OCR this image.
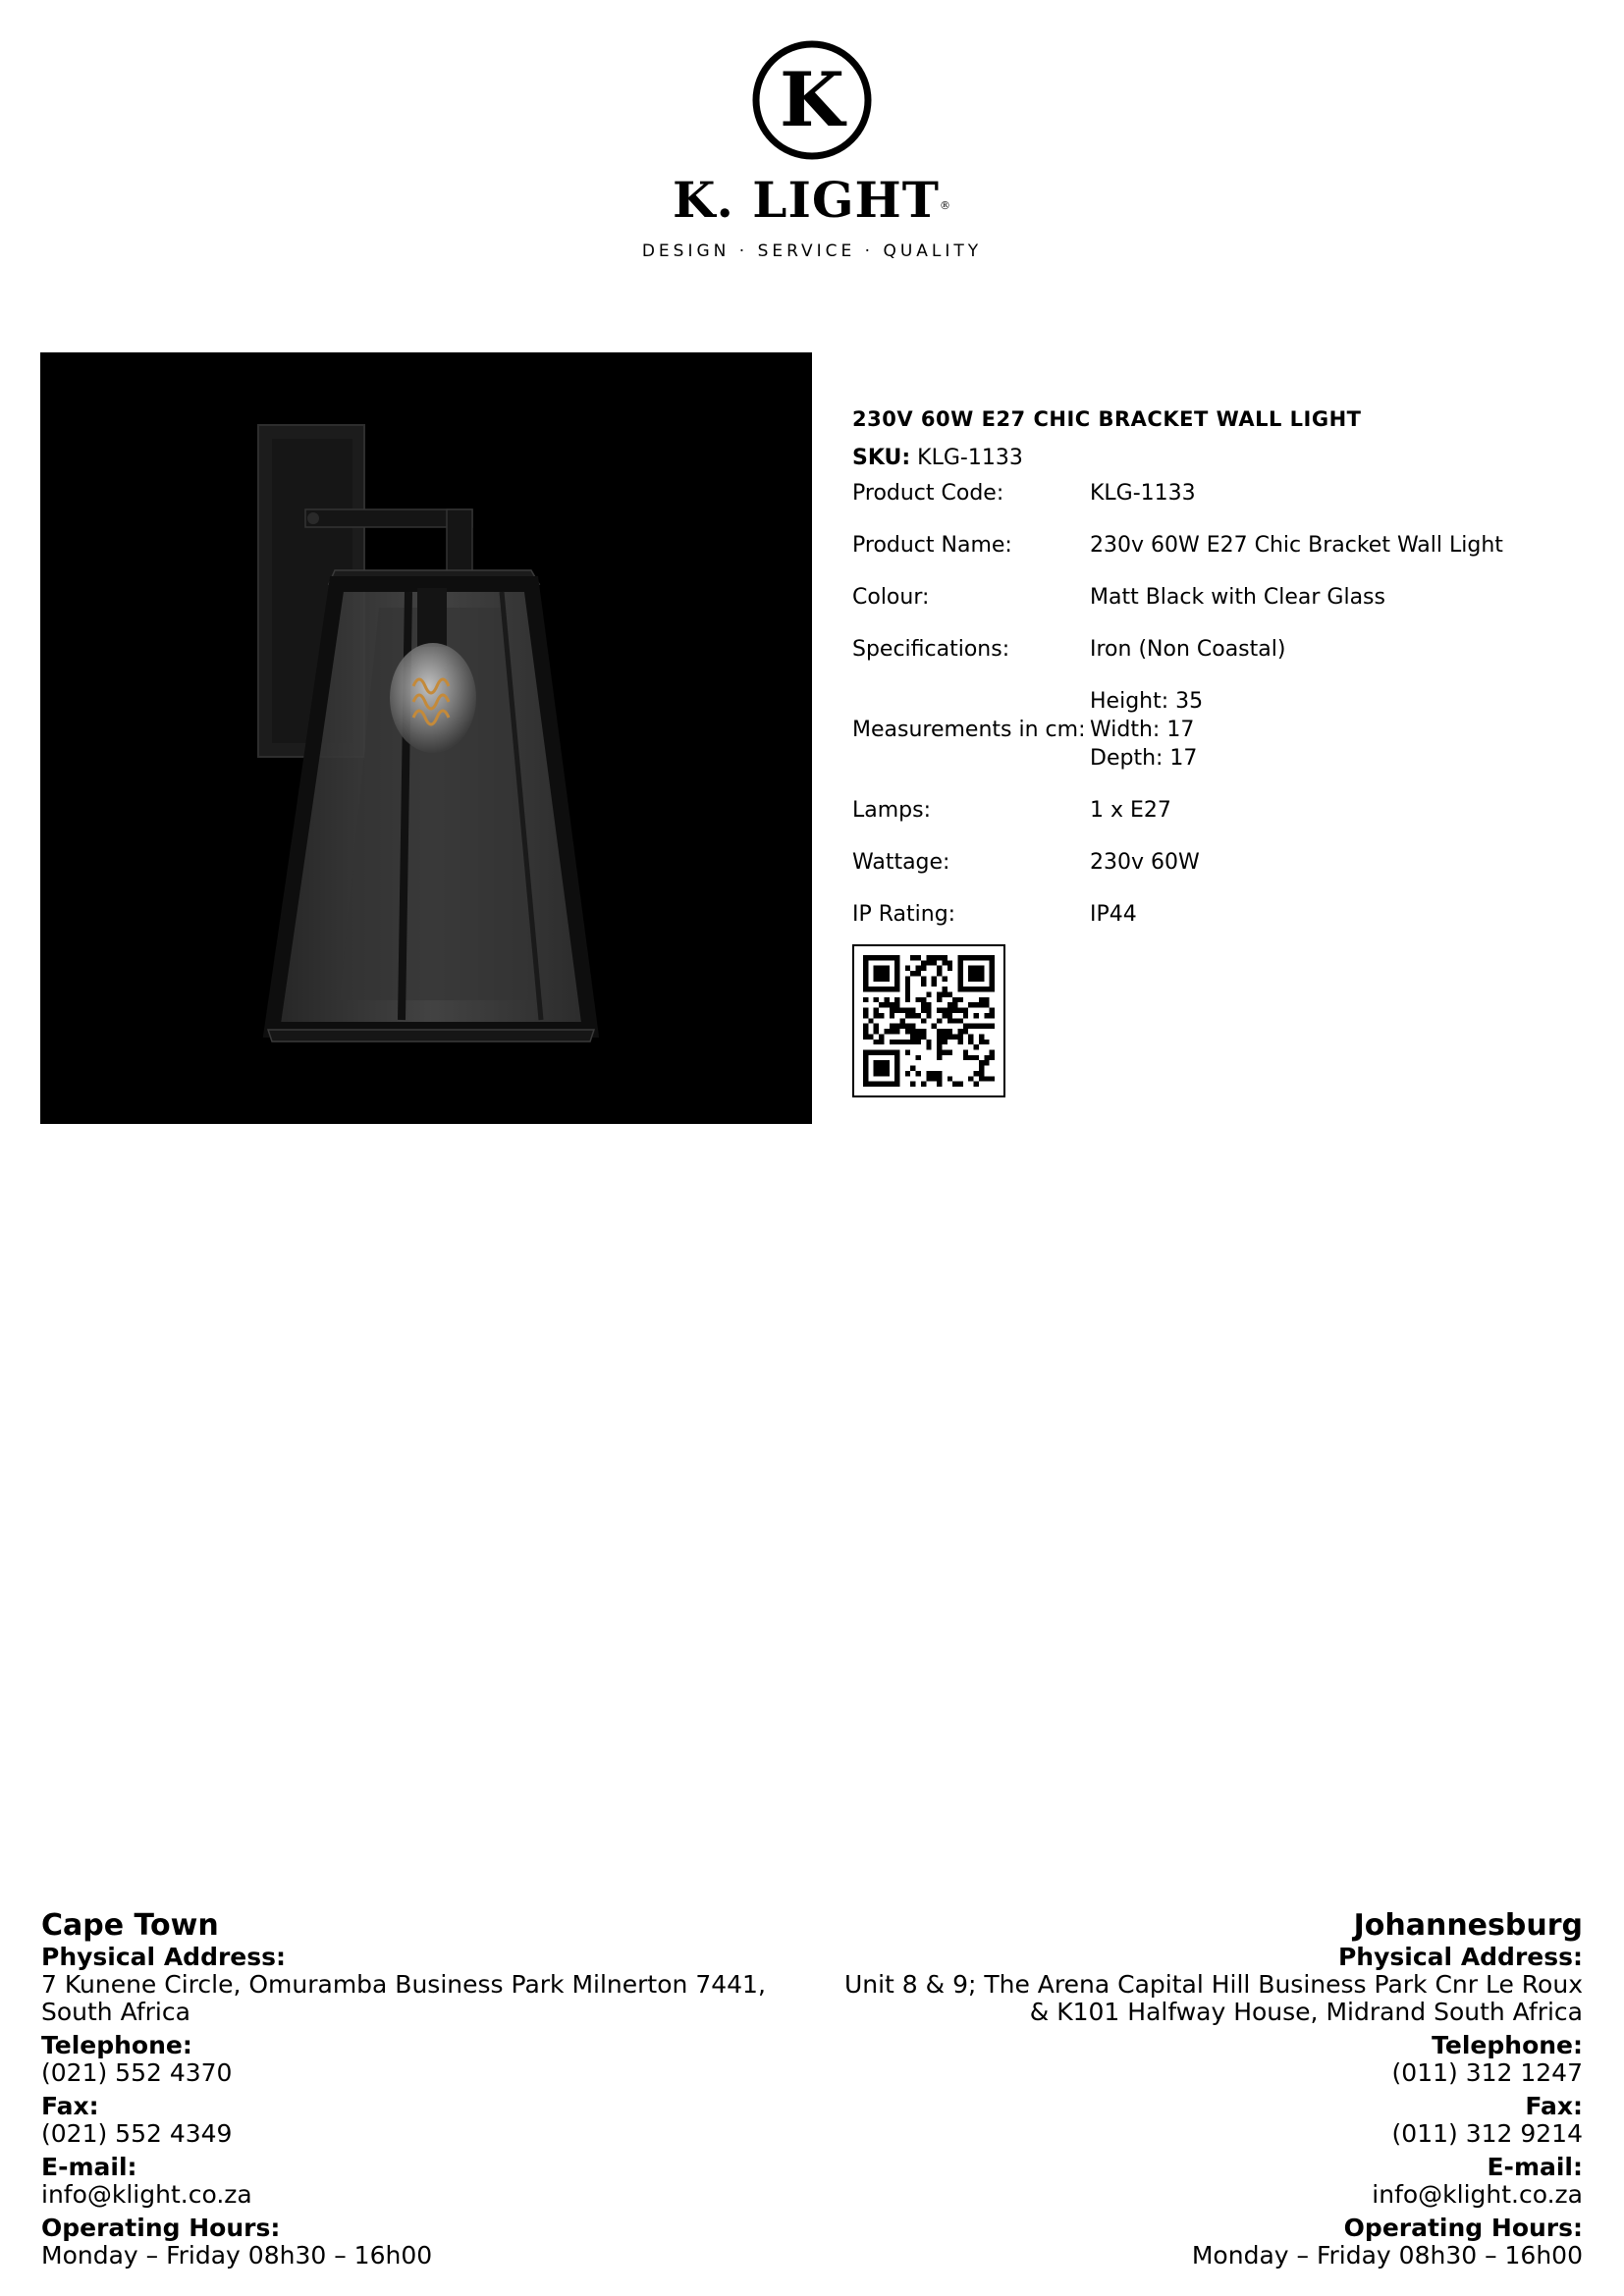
K
K. LIGHT®
DESIGN · SERVICE · QUALITY
230V 60W E27 CHIC BRACKET WALL LIGHT
SKU: KLG-1133
Product Code:	KLG-1133
Product Name:	230v 60W E27 Chic Bracket Wall Light
Colour:	Matt Black with Clear Glass
Specifications:	Iron (Non Coastal)
Measurements in cm:
Height: 35
Width: 17
Depth: 17
Lamps:	1 x E27
Wattage:	230v 60W
IP Rating:	IP44
Cape Town
Physical Address:
7 Kunene Circle, Omuramba Business Park Milnerton 7441,
South Africa
Telephone:
(021) 552 4370
Fax:
(021) 552 4349
E-mail:
info@klight.co.za
Operating Hours:
Monday – Friday 08h30 – 16h00
Johannesburg
Physical Address:
Unit 8 & 9; The Arena Capital Hill Business Park Cnr Le Roux
& K101 Halfway House, Midrand South Africa
Telephone:
(011) 312 1247
Fax:
(011) 312 9214
E-mail:
info@klight.co.za
Operating Hours:
Monday – Friday 08h30 – 16h00
